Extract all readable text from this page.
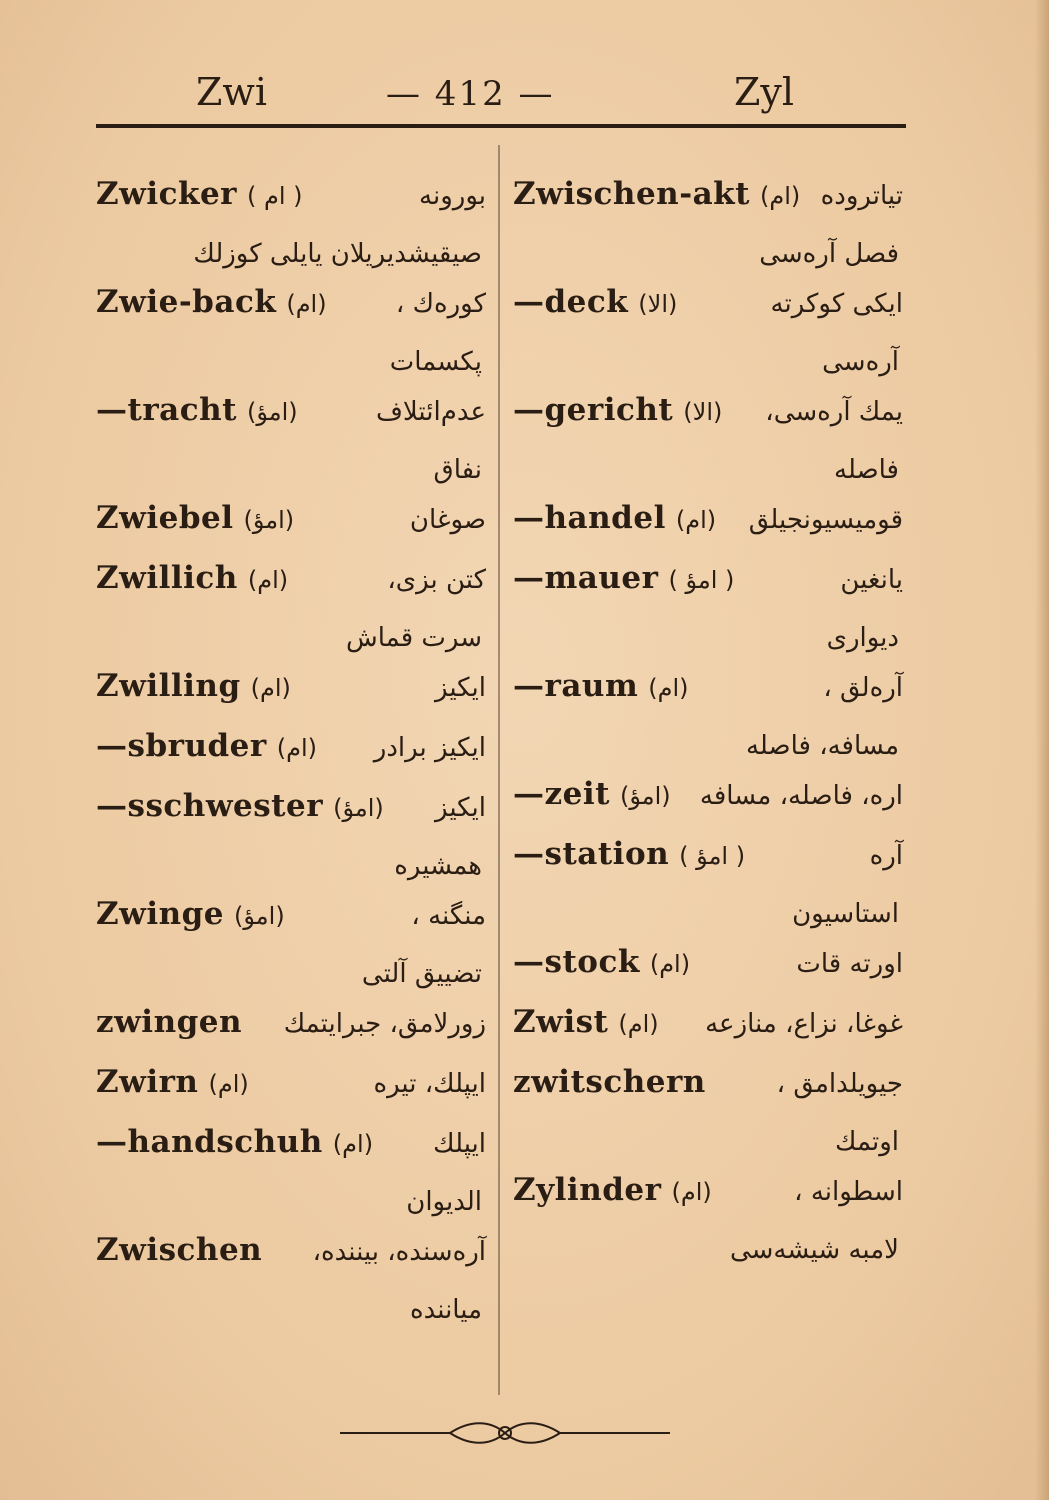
Zwi	— 412 —	Zyl
Zwicker ( ام )	بورونه
صیقیشدیریلان یایلی کوزلك
Zwie-back (ام)	کوره‌ك ،
پکسمات
—tracht (امؤ)	عدم‌ائتلاف
نفاق
Zwiebel (امؤ)	صوغان
Zwillich (ام)	کتن بزی،
سرت قماش
Zwilling (ام)	ایکیز
—sbruder (ام)	ایکیز برادر
—sschwester (امؤ)	ایکیز
همشیره
Zwinge (امؤ)	منگنه ،
تضییق آلتی
zwingen	زورلامق، جبرایتمك
Zwirn (ام)	ایپلك، تیره
—handschuh (ام)	ایپلك
الدیوان
Zwischen	آره‌سنده، بیننده،
میاننده
Zwischen-akt (ام) تیاتروده
فصل آره‌سی
—deck (الا)	ایکی کوکرته
آره‌سی
—gericht (الا)	یمك آره‌سی،
فاصله
—handel (ام)	قومیسیونجیلق
—mauer ( امؤ )	یانغین
دیواری
—raum (ام)	آره‌لق ،
مسافه، فاصله
—zeit (امؤ)	اره، فاصله، مسافه
—station ( امؤ )	آره
استاسیون
—stock (ام)	اورته قات
Zwist (ام)	غوغا، نزاع، منازعه
zwitschern	جیویلدامق ،
اوتمك
Zylinder (ام)	اسطوانه ،
لامبه شیشه‌سی
